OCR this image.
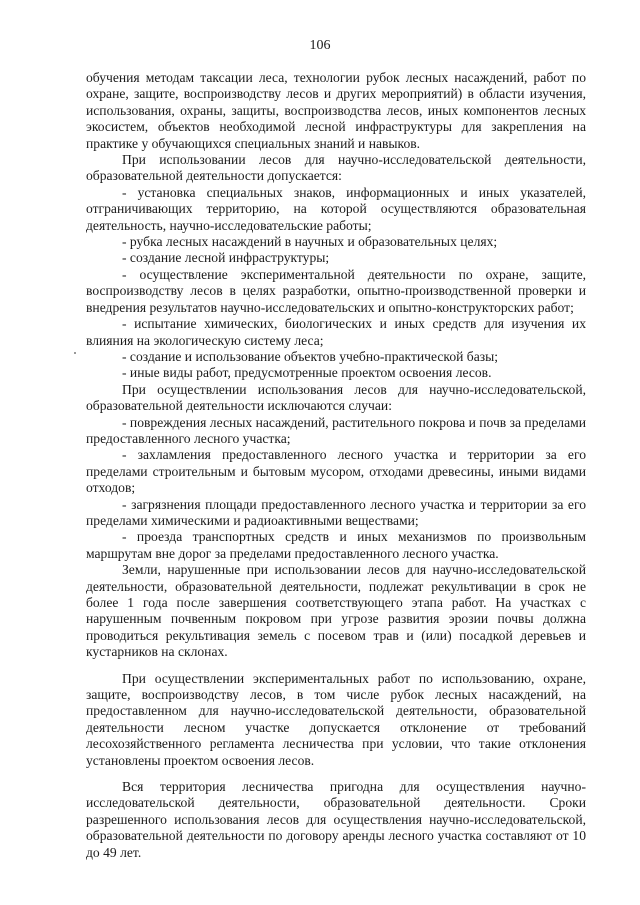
106

обучения методам таксации леса, технологии рубок лесных насаждений, работ по охране, защите, воспроизводству лесов и других мероприятий) в области изучения, использования, охраны, защиты, воспроизводства лесов, иных компонентов лесных экосистем, объектов необходимой лесной инфраструктуры для закрепления на практике у обучающихся специальных знаний и навыков.

При использовании лесов для научно-исследовательской деятельности, образовательной деятельности допускается:

- установка специальных знаков, информационных и иных указателей, отграничивающих территорию, на которой осуществляются образовательная деятельность, научно-исследовательские работы;

- рубка лесных насаждений в научных и образовательных целях;

- создание лесной инфраструктуры;

- осуществление экспериментальной деятельности по охране, защите, воспроизводству лесов в целях разработки, опытно-производственной проверки и внедрения результатов научно-исследовательских и опытно-конструкторских работ;

- испытание химических, биологических и иных средств для изучения их влияния на экологическую систему леса;

- создание и использование объектов учебно-практической базы;

- иные виды работ, предусмотренные проектом освоения лесов.

При осуществлении использования лесов для научно-исследовательской, образовательной деятельности исключаются случаи:

- повреждения лесных насаждений, растительного покрова и почв за пределами предоставленного лесного участка;

- захламления предоставленного лесного участка и территории за его пределами строительным и бытовым мусором, отходами древесины, иными видами отходов;

- загрязнения площади предоставленного лесного участка и территории за его пределами химическими и радиоактивными веществами;

- проезда транспортных средств и иных механизмов по произвольным маршрутам вне дорог за пределами предоставленного лесного участка.

Земли, нарушенные при использовании лесов для научно-исследовательской деятельности, образовательной деятельности, подлежат рекультивации в срок не более 1 года после завершения соответствующего этапа работ. На участках с нарушенным почвенным покровом при угрозе развития эрозии почвы должна проводиться рекультивация земель с посевом трав и (или) посадкой деревьев и кустарников на склонах.

При осуществлении экспериментальных работ по использованию, охране, защите, воспроизводству лесов, в том числе рубок лесных насаждений, на предоставленном для научно-исследовательской деятельности, образовательной деятельности лесном участке допускается отклонение от требований лесохозяйственного регламента лесничества при условии, что такие отклонения установлены проектом освоения лесов.

Вся территория лесничества пригодна для осуществления научно-исследовательской деятельности, образовательной деятельности. Сроки разрешенного использования лесов для осуществления научно-исследовательской, образовательной деятельности по договору аренды лесного участка составляют от 10 до 49 лет.
